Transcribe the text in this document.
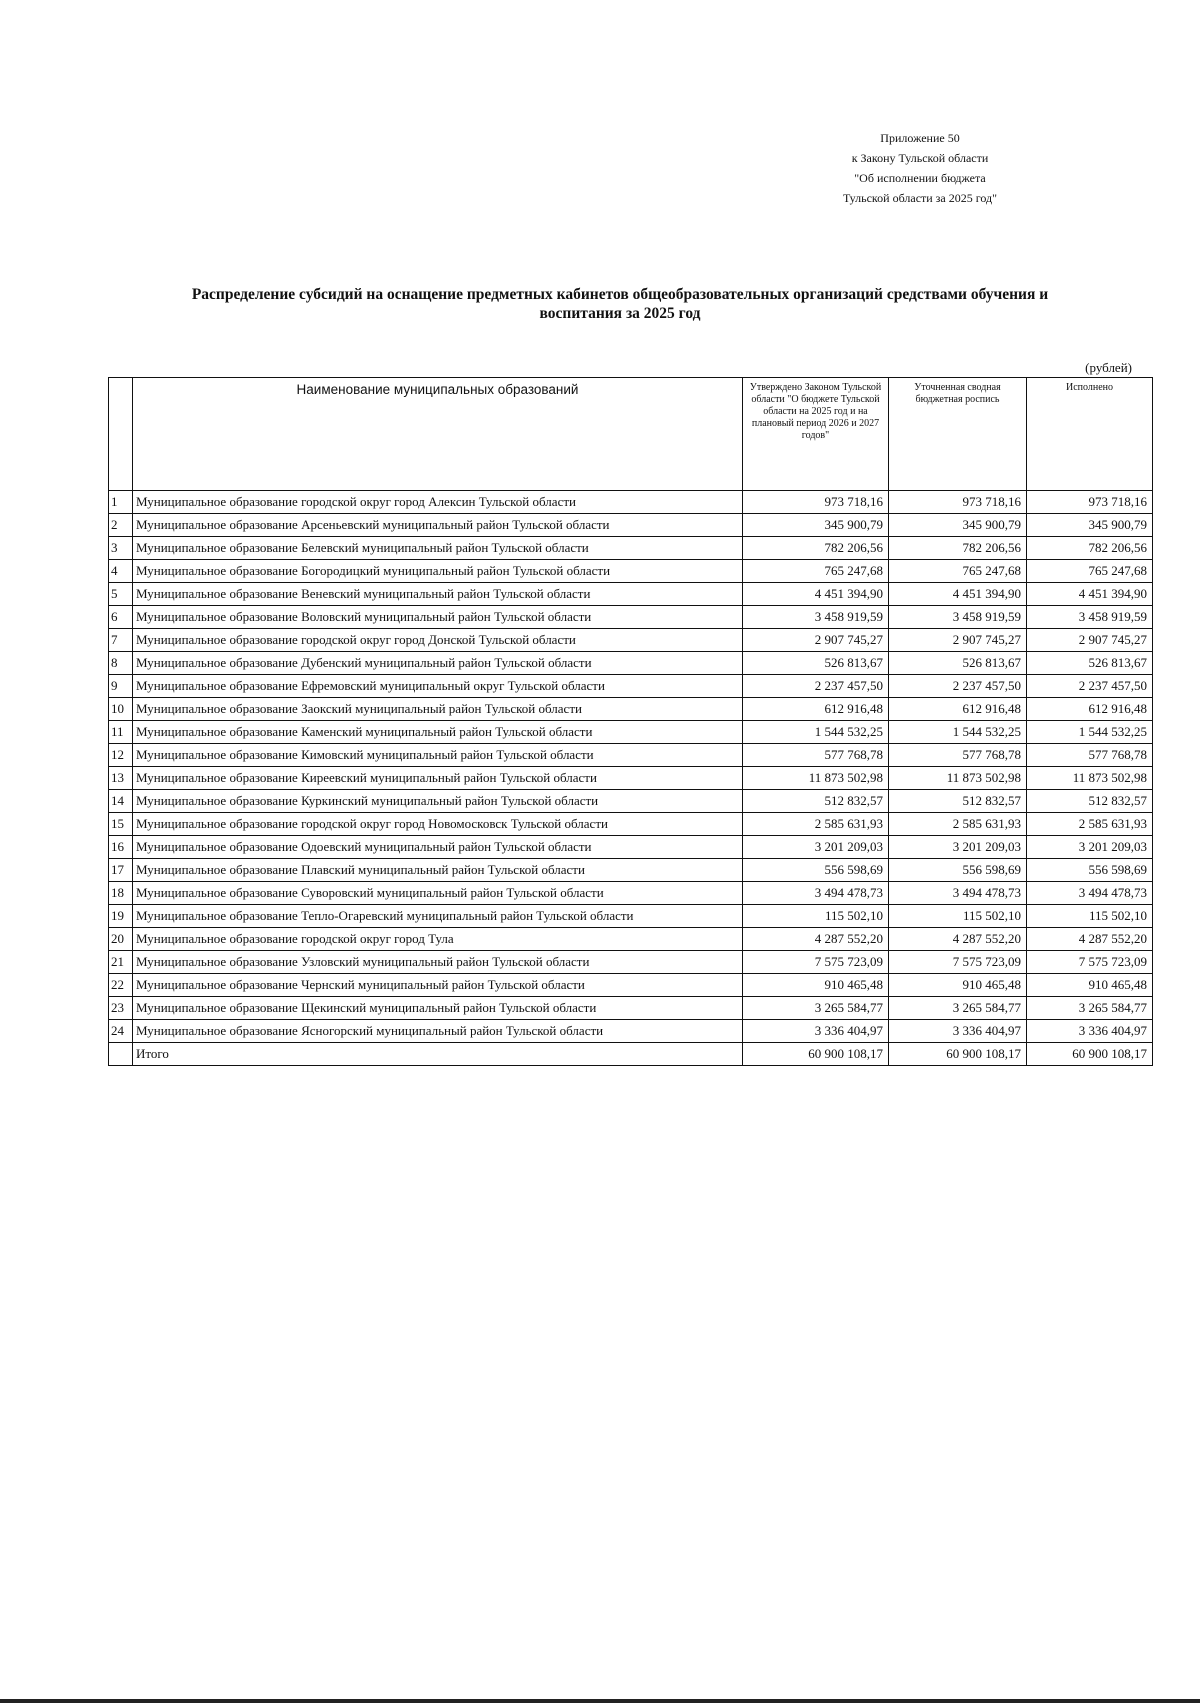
Приложение 50
к Закону Тульской области
"Об исполнении бюджета
Тульской области за 2025 год"
Распределение субсидий на оснащение предметных кабинетов общеобразовательных организаций средствами обучения и
воспитания за 2025 год
(рублей)
	Наименование муниципальных образований	Утверждено Законом Тульской области "О бюджете Тульской области на 2025 год и на плановый период 2026 и 2027 годов"	Уточненная сводная бюджетная роспись	Исполнено
1	Муниципальное образование городской округ город Алексин Тульской области	973 718,16	973 718,16	973 718,16
2	Муниципальное образование Арсеньевский муниципальный район Тульской области	345 900,79	345 900,79	345 900,79
3	Муниципальное образование Белевский муниципальный район Тульской области	782 206,56	782 206,56	782 206,56
4	Муниципальное образование Богородицкий муниципальный район Тульской области	765 247,68	765 247,68	765 247,68
5	Муниципальное образование Веневский муниципальный район Тульской области	4 451 394,90	4 451 394,90	4 451 394,90
6	Муниципальное образование Воловский муниципальный район Тульской области	3 458 919,59	3 458 919,59	3 458 919,59
7	Муниципальное образование городской округ город Донской Тульской области	2 907 745,27	2 907 745,27	2 907 745,27
8	Муниципальное образование Дубенский муниципальный район Тульской области	526 813,67	526 813,67	526 813,67
9	Муниципальное образование Ефремовский муниципальный округ Тульской области	2 237 457,50	2 237 457,50	2 237 457,50
10	Муниципальное образование Заокский муниципальный район Тульской области	612 916,48	612 916,48	612 916,48
11	Муниципальное образование Каменский муниципальный район Тульской области	1 544 532,25	1 544 532,25	1 544 532,25
12	Муниципальное образование Кимовский муниципальный район Тульской области	577 768,78	577 768,78	577 768,78
13	Муниципальное образование Киреевский муниципальный район Тульской области	11 873 502,98	11 873 502,98	11 873 502,98
14	Муниципальное образование Куркинский муниципальный район Тульской области	512 832,57	512 832,57	512 832,57
15	Муниципальное образование городской округ город Новомосковск Тульской области	2 585 631,93	2 585 631,93	2 585 631,93
16	Муниципальное образование Одоевский муниципальный район Тульской области	3 201 209,03	3 201 209,03	3 201 209,03
17	Муниципальное образование Плавский муниципальный район Тульской области	556 598,69	556 598,69	556 598,69
18	Муниципальное образование Суворовский муниципальный район Тульской области	3 494 478,73	3 494 478,73	3 494 478,73
19	Муниципальное образование Тепло-Огаревский муниципальный район Тульской области	115 502,10	115 502,10	115 502,10
20	Муниципальное образование городской округ город Тула	4 287 552,20	4 287 552,20	4 287 552,20
21	Муниципальное образование Узловский муниципальный район Тульской области	7 575 723,09	7 575 723,09	7 575 723,09
22	Муниципальное образование Чернский муниципальный район Тульской области	910 465,48	910 465,48	910 465,48
23	Муниципальное образование Щекинский муниципальный район Тульской области	3 265 584,77	3 265 584,77	3 265 584,77
24	Муниципальное образование Ясногорский муниципальный район Тульской области	3 336 404,97	3 336 404,97	3 336 404,97
	Итого	60 900 108,17	60 900 108,17	60 900 108,17
